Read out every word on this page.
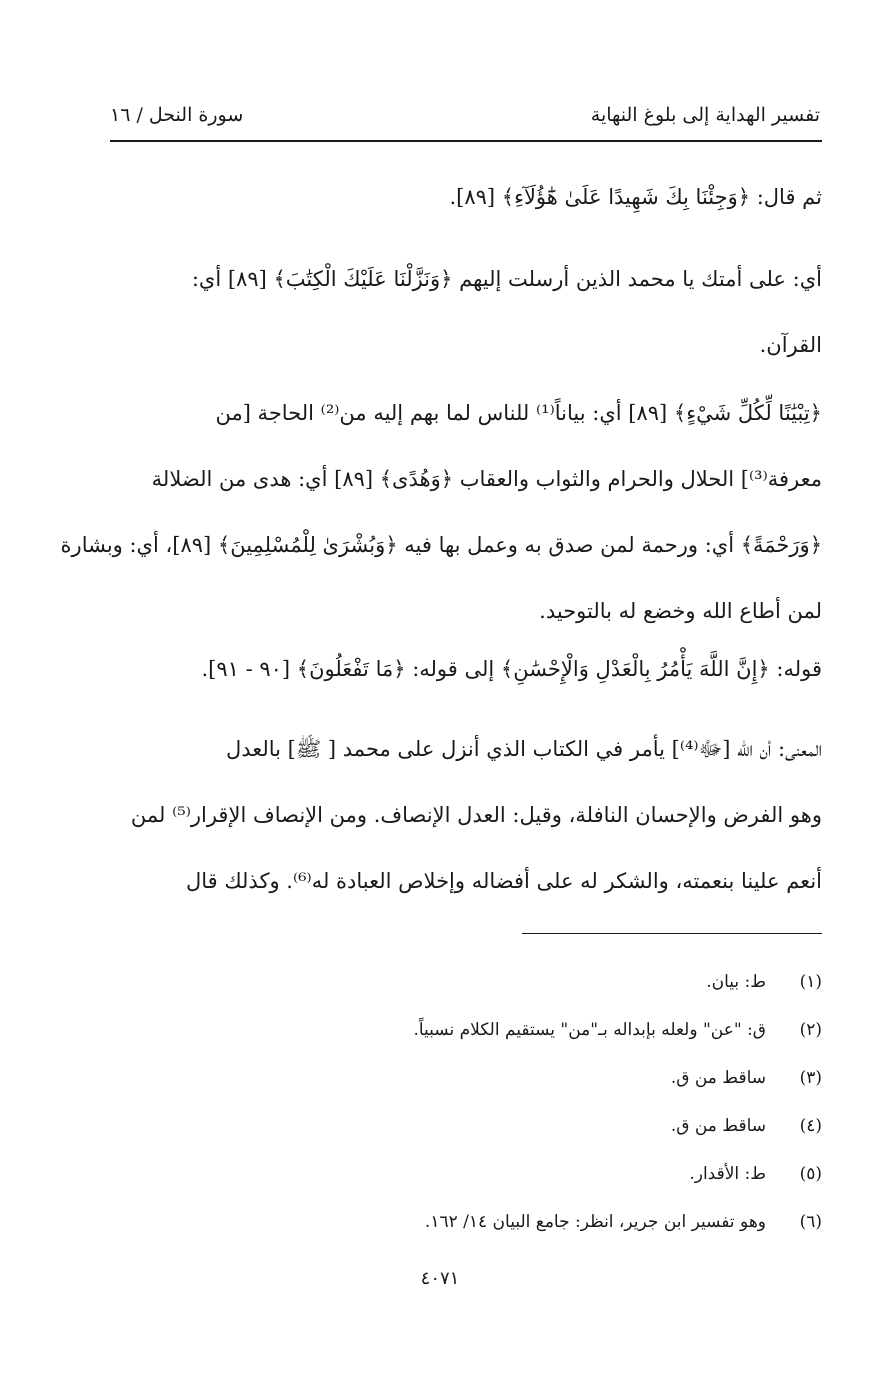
تفسير الهداية إلى بلوغ النهاية
سورة النحل / ١٦
ثم قال: ﴿وَجِئْنَا بِكَ شَهِيدًا عَلَىٰ هَٰٓؤُلَآءِ﴾ [٨٩].
أي: على أمتك يا محمد الذين أرسلت إليهم ﴿وَنَزَّلْنَا عَلَيْكَ الْكِتَٰبَ﴾ [٨٩] أي:
القرآن.
﴿تِبْيَٰنًا لِّكُلِّ شَيْءٍ﴾ [٨٩] أي: بياناً⁽¹⁾ للناس لما بهم إليه من⁽²⁾ الحاجة [من
معرفة⁽³⁾] الحلال والحرام والثواب والعقاب ﴿وَهُدًى﴾ [٨٩] أي: هدى من الضلالة
﴿وَرَحْمَةً﴾ أي: ورحمة لمن صدق به وعمل بها فيه ﴿وَبُشْرَىٰ لِلْمُسْلِمِينَ﴾ [٨٩]، أي: وبشارة
لمن أطاع الله وخضع له بالتوحيد.
قوله: ﴿إِنَّ اللَّهَ يَأْمُرُ بِالْعَدْلِ وَالْإِحْسَٰنِ﴾ إلى قوله: ﴿مَا تَفْعَلُونَ﴾ [٩٠ - ٩١].
المعنى: أن الله [ﷻ⁽⁴⁾] يأمر في الكتاب الذي أنزل على محمد [ ﷺ] بالعدل
وهو الفرض والإحسان النافلة، وقيل: العدل الإنصاف. ومن الإنصاف الإقرار⁽⁵⁾ لمن
أنعم علينا بنعمته، والشكر له على أفضاله وإخلاص العبادة له⁽⁶⁾. وكذلك قال
(١)
ط: بيان.
(٢)
ق: "عن" ولعله بإبداله بـ"من" يستقيم الكلام نسبياً.
(٣)
ساقط من ق.
(٤)
ساقط من ق.
(٥)
ط: الأقدار.
(٦)
وهو تفسير ابن جرير، انظر: جامع البيان ١٤/ ١٦٢.
٤٠٧١
